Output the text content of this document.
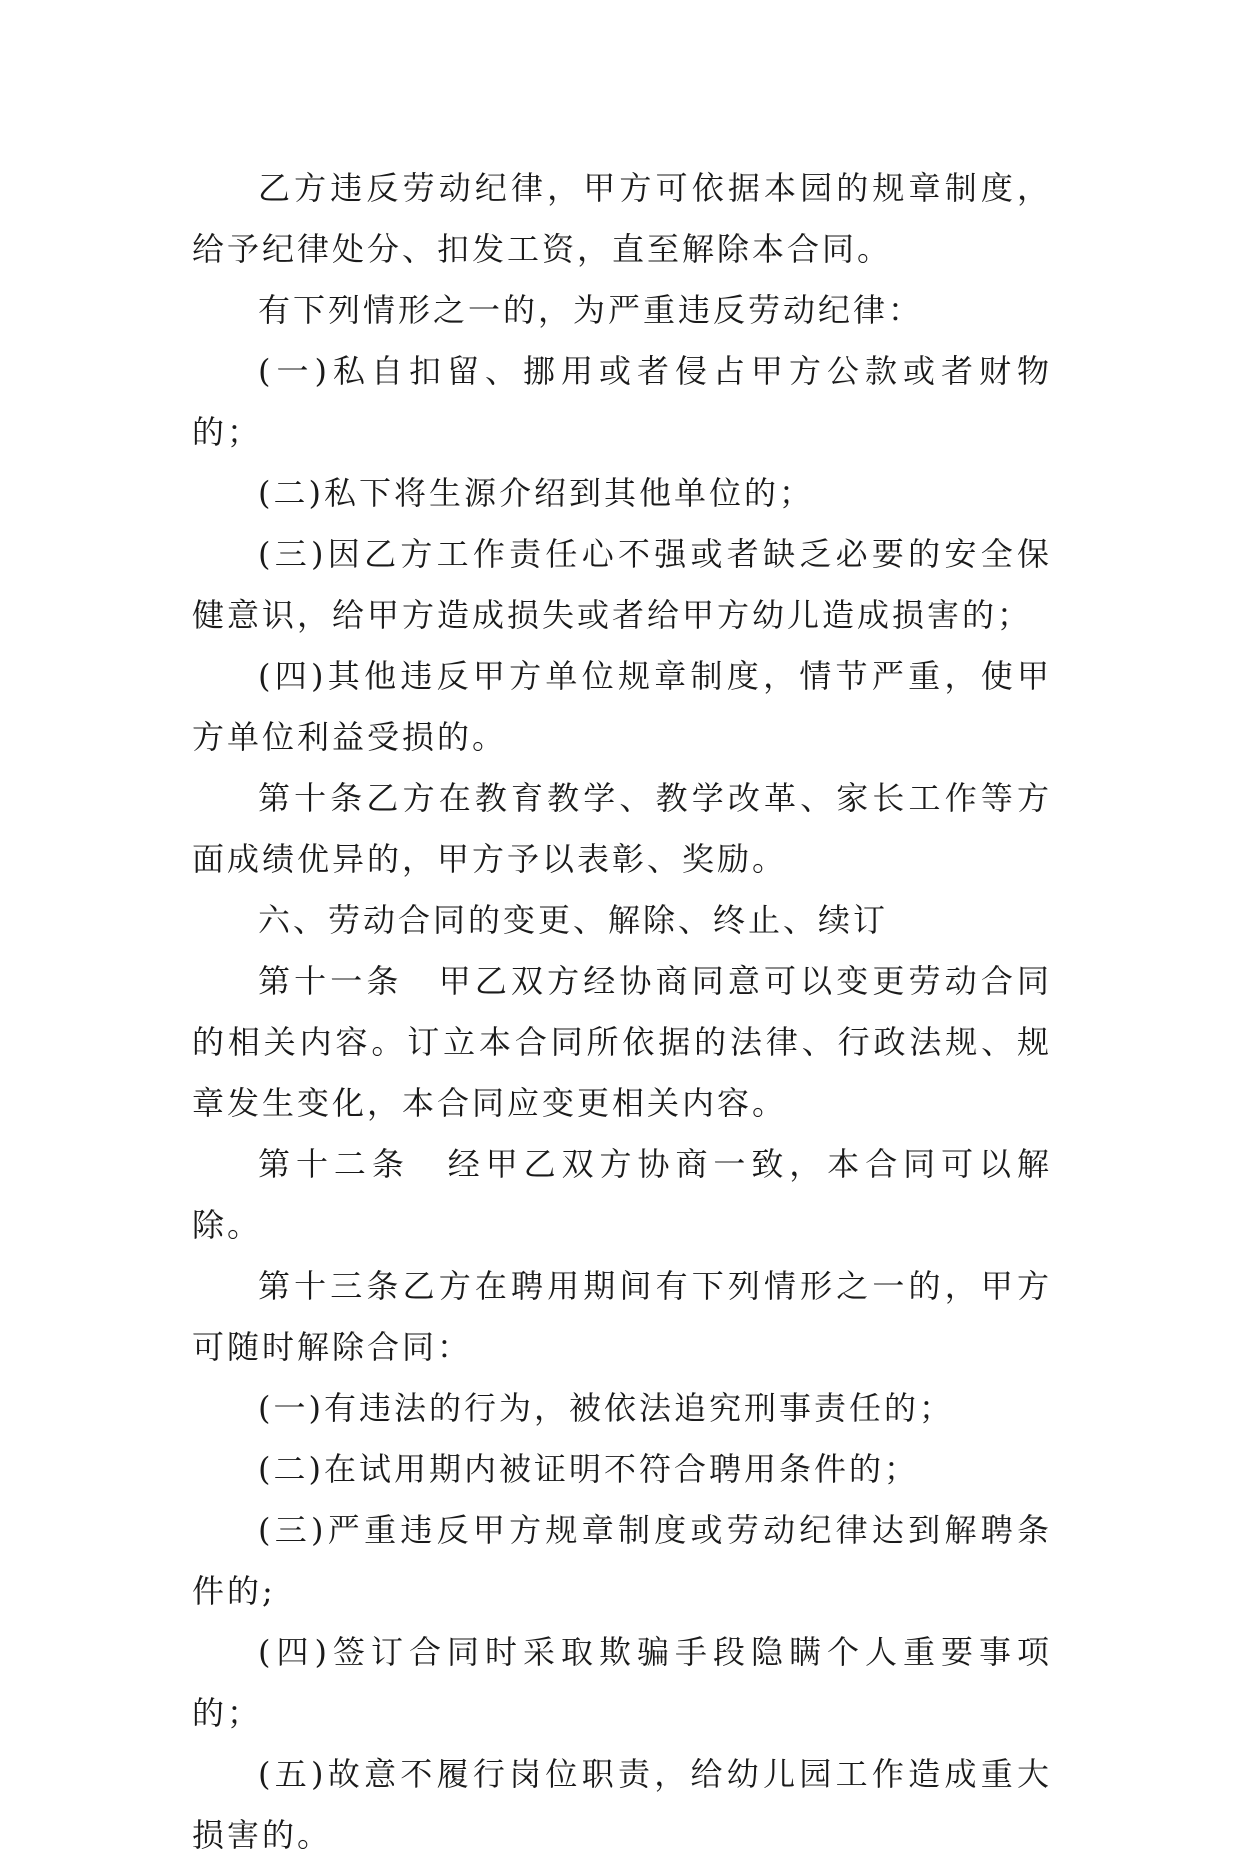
乙方违反劳动纪律，甲方可依据本园的规章制度，给予纪律处分、扣发工资，直至解除本合同。

有下列情形之一的，为严重违反劳动纪律：

(一)私自扣留、挪用或者侵占甲方公款或者财物的；

(二)私下将生源介绍到其他单位的；

(三)因乙方工作责任心不强或者缺乏必要的安全保健意识，给甲方造成损失或者给甲方幼儿造成损害的；

(四)其他违反甲方单位规章制度，情节严重，使甲方单位利益受损的。

第十条乙方在教育教学、教学改革、家长工作等方面成绩优异的，甲方予以表彰、奖励。

六、劳动合同的变更、解除、终止、续订

第十一条　甲乙双方经协商同意可以变更劳动合同的相关内容。订立本合同所依据的法律、行政法规、规章发生变化，本合同应变更相关内容。

第十二条　经甲乙双方协商一致，本合同可以解除。

第十三条乙方在聘用期间有下列情形之一的，甲方可随时解除合同：

(一)有违法的行为，被依法追究刑事责任的；

(二)在试用期内被证明不符合聘用条件的；

(三)严重违反甲方规章制度或劳动纪律达到解聘条件的;

(四)签订合同时采取欺骗手段隐瞒个人重要事项的；

(五)故意不履行岗位职责，给幼儿园工作造成重大损害的。
